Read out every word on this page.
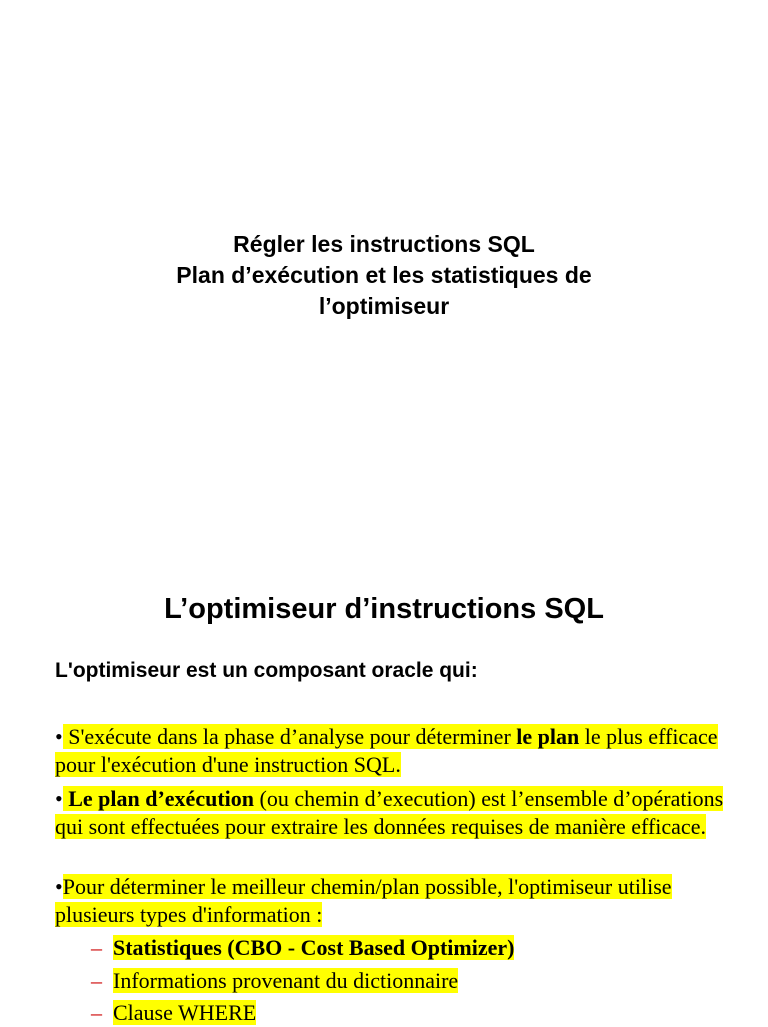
Régler les instructions SQL
Plan d’exécution et les statistiques de
l’optimiseur
L’optimiseur d’instructions SQL
L'optimiseur est un composant oracle qui:
• S'exécute dans la phase d’analyse pour déterminer le plan le plus efficace pour l'exécution d'une instruction SQL.
• Le plan d’exécution (ou chemin d’execution) est l’ensemble d’opérations qui sont effectuées pour extraire les données requises de manière efficace.
•Pour déterminer le meilleur chemin/plan possible, l'optimiseur utilise plusieurs types d'information :
– Statistiques (CBO - Cost Based Optimizer)
– Informations provenant du dictionnaire
– Clause WHERE
